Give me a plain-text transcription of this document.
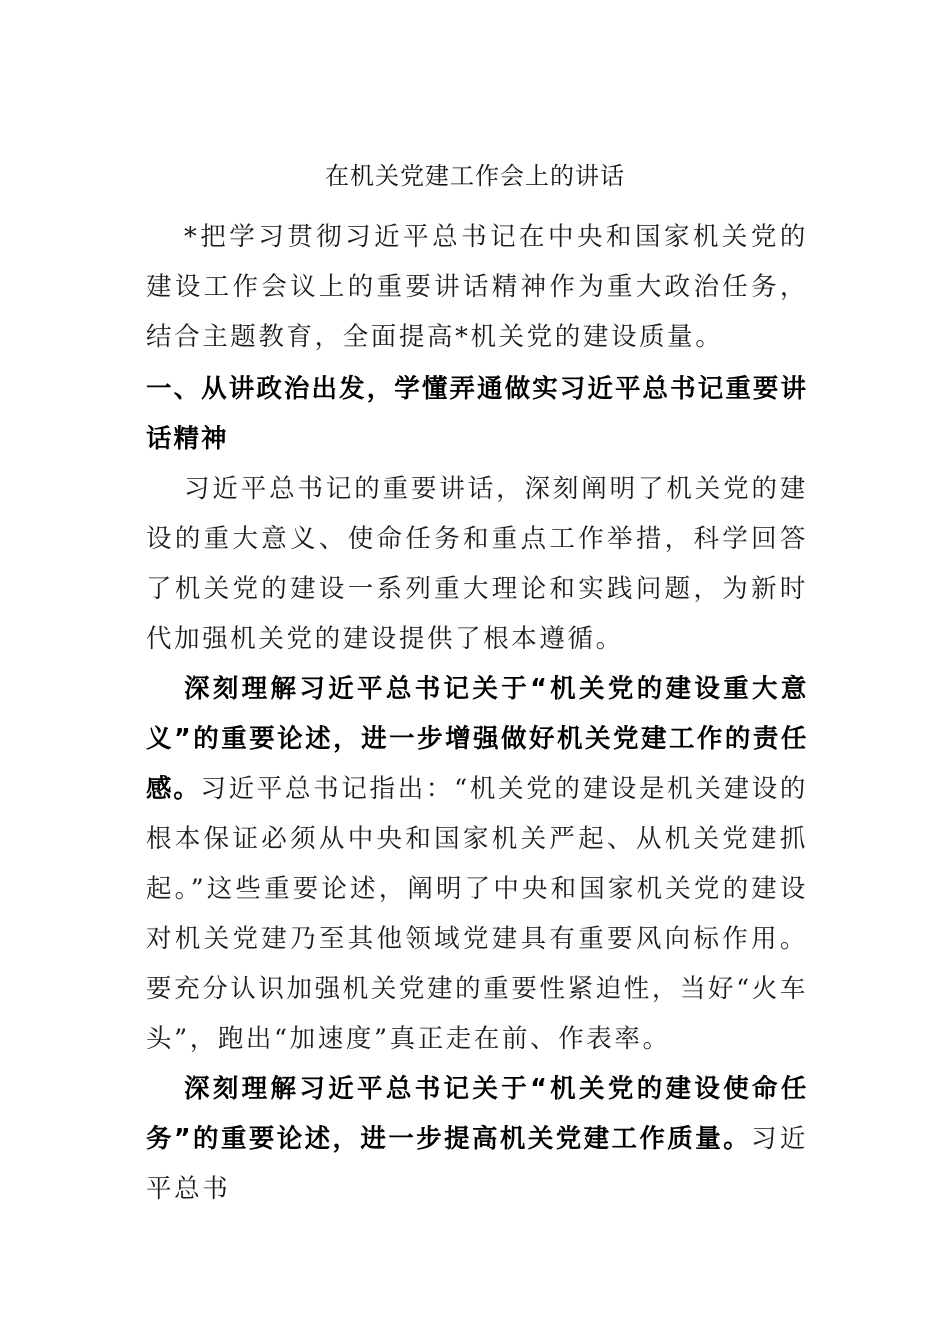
在机关党建工作会上的讲话

*把学习贯彻习近平总书记在中央和国家机关党的建设工作会议上的重要讲话精神作为重大政治任务，结合主题教育，全面提高*机关党的建设质量。

一、从讲政治出发，学懂弄通做实习近平总书记重要讲话精神

习近平总书记的重要讲话，深刻阐明了机关党的建设的重大意义、使命任务和重点工作举措，科学回答了机关党的建设一系列重大理论和实践问题，为新时代加强机关党的建设提供了根本遵循。

深刻理解习近平总书记关于“机关党的建设重大意义”的重要论述，进一步增强做好机关党建工作的责任感。习近平总书记指出：“机关党的建设是机关建设的根本保证必须从中央和国家机关严起、从机关党建抓起。”这些重要论述，阐明了中央和国家机关党的建设对机关党建乃至其他领域党建具有重要风向标作用。要充分认识加强机关党建的重要性紧迫性，当好“火车头”，跑出“加速度”真正走在前、作表率。

深刻理解习近平总书记关于“机关党的建设使命任务”的重要论述，进一步提高机关党建工作质量。习近平总书
